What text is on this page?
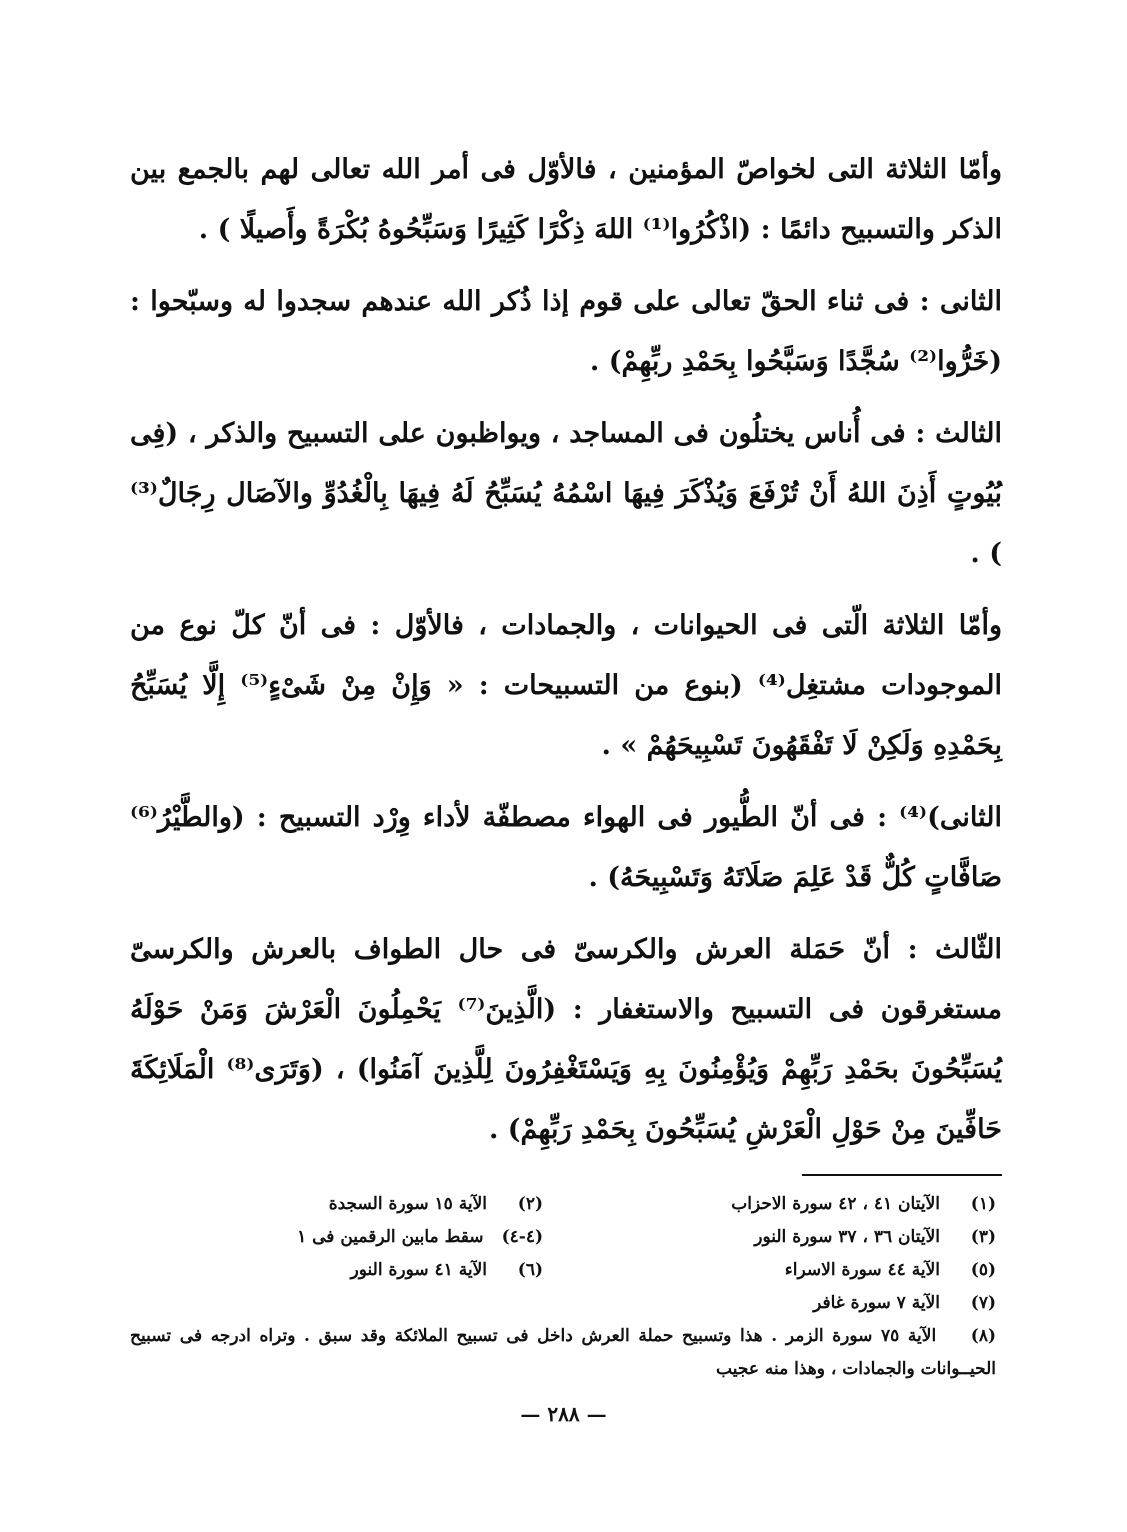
وأمّا الثلاثة التى لخواصّ المؤمنين ، فالأوّل فى أمر الله تعالى لهم بالجمع بين الذكر والتسبيح دائمًا : (اذْكُرُوا⁽¹⁾ اللهَ ذِكْرًا كَثِيرًا وَسَبِّحُوهُ بُكْرَةً وأَصيلًا ) .

الثانى : فى ثناء الحقّ تعالى على قوم إذا ذُكر الله عندهم سجدوا له وسبّحوا : (خَرُّوا⁽²⁾ سُجَّدًا وَسَبَّحُوا بِحَمْدِ ربِّهِمْ) .

الثالث : فى أُناس يختلُون فى المساجد ، ويواظبون على التسبيح والذكر ، (فِى بُيُوتٍ أَذِنَ اللهُ أَنْ تُرْفَعَ وَيُذْكَرَ فِيهَا اسْمُهُ يُسَبِّحُ لَهُ فِيهَا بِالْغُدُوِّ والآصَال رِجَالٌ⁽³⁾ ) .

وأمّا الثلاثة الّتى فى الحيوانات ، والجمادات ، فالأوّل : فى أنّ كلّ نوع من الموجودات مشتغِل⁽⁴⁾ (بنوع من التسبيحات : « وَإِنْ مِنْ شَىْءٍ⁽⁵⁾ إِلَّا يُسَبِّحُ بِحَمْدِهِ وَلَكِنْ لَا تَفْقَهُونَ تَسْبِيحَهُمْ » .

الثانى)⁽⁴⁾ : فى أنّ الطُّيور فى الهواء مصطفّة لأداء وِرْد التسبيح : (والطَّيْرُ⁽⁶⁾ صَافَّاتٍ كُلٌّ قَدْ عَلِمَ صَلَاتَهُ وَتَسْبِيحَهُ) .

الثّالث : أنّ حَمَلة العرش والكرسىّ فى حال الطواف بالعرش والكرسىّ مستغرقون فى التسبيح والاستغفار : (الَّذِينَ⁽⁷⁾ يَحْمِلُونَ الْعَرْشَ وَمَنْ حَوْلَهُ يُسَبِّحُونَ بحَمْدِ رَبِّهِمْ وَيُؤْمِنُونَ بِهِ وَيَسْتَغْفِرُونَ لِلَّذِينَ آمَنُوا) ، (وَتَرَى⁽⁸⁾ الْمَلَائِكَةَ حَافِّينَ مِنْ حَوْلِ الْعَرْشِ يُسَبِّحُونَ بِحَمْدِ رَبِّهِمْ) .

(١)
الآيتان ٤١ ، ٤٢ سورة الاحزاب
(٢)
الآية ١٥ سورة السجدة
(٣)
الآيتان ٣٦ ، ٣٧ سورة النور
(٤-٤)
سقط مابين الرقمين فى ١
(٥)
الآية ٤٤ سورة الاسراء
(٦)
الآية ٤١ سورة النور
(٧)
الآية ٧ سورة غافر
(٨)    الآية ٧٥ سورة الزمر . هذا وتسبيح حملة العرش داخل فى تسبيح الملائكة وقد سبق . وتراه ادرجه فى تسبيح الحيــوانات والجمادات ، وهذا منه عجيب
— ٢٨٨ —
